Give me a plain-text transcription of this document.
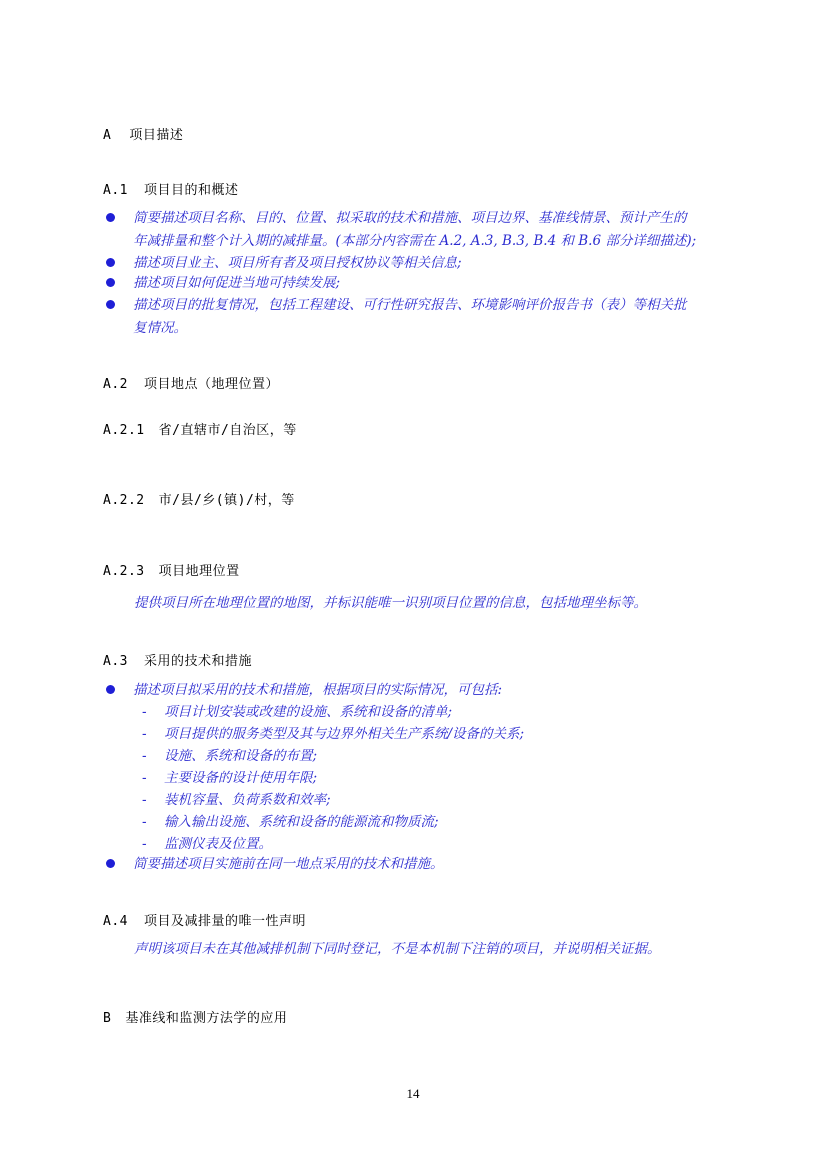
A 项目描述
A.1 项目目的和概述
简要描述项目名称、目的、位置、拟采取的技术和措施、项目边界、基准线情景、预计产生的
年减排量和整个计入期的减排量。(本部分内容需在 A.2, A.3, B.3, B.4 和 B.6 部分详细描述);
描述项目业主、项目所有者及项目授权协议等相关信息;
描述项目如何促进当地可持续发展;
描述项目的批复情况，包括工程建设、可行性研究报告、环境影响评价报告书（表）等相关批
复情况。
A.2 项目地点（地理位置）
A.2.1 省/直辖市/自治区，等
A.2.2 市/县/乡(镇)/村，等
A.2.3 项目地理位置
提供项目所在地理位置的地图，并标识能唯一识别项目位置的信息，包括地理坐标等。
A.3 采用的技术和措施
描述项目拟采用的技术和措施，根据项目的实际情况，可包括:
- 项目计划安装或改建的设施、系统和设备的清单;
- 项目提供的服务类型及其与边界外相关生产系统/设备的关系;
- 设施、系统和设备的布置;
- 主要设备的设计使用年限;
- 装机容量、负荷系数和效率;
- 输入输出设施、系统和设备的能源流和物质流;
- 监测仪表及位置。
简要描述项目实施前在同一地点采用的技术和措施。
A.4 项目及减排量的唯一性声明
声明该项目未在其他减排机制下同时登记，不是本机制下注销的项目，并说明相关证据。
B 基准线和监测方法学的应用
14
